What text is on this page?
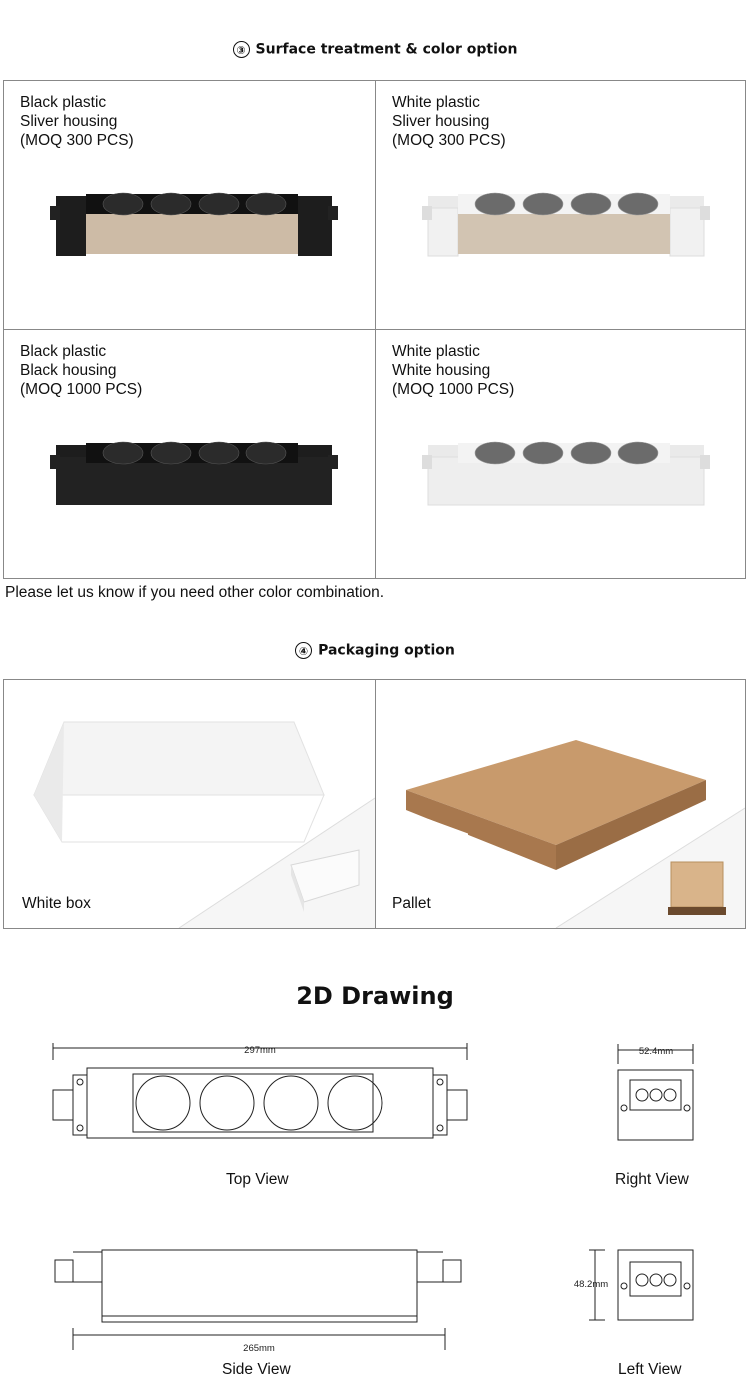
③ Surface treatment & color option
Black plastic
Sliver housing
(MOQ 300 PCS)
White plastic
Sliver housing
(MOQ 300 PCS)
Black plastic
Black housing
(MOQ 1000 PCS)
White plastic
White housing
(MOQ 1000 PCS)
Please let us know if you need other color combination.
④ Packaging option
White box	Pallet
2D Drawing
297mm
Top View
52.4mm
Right View
265mm
Side View
48.2mm
Left View
